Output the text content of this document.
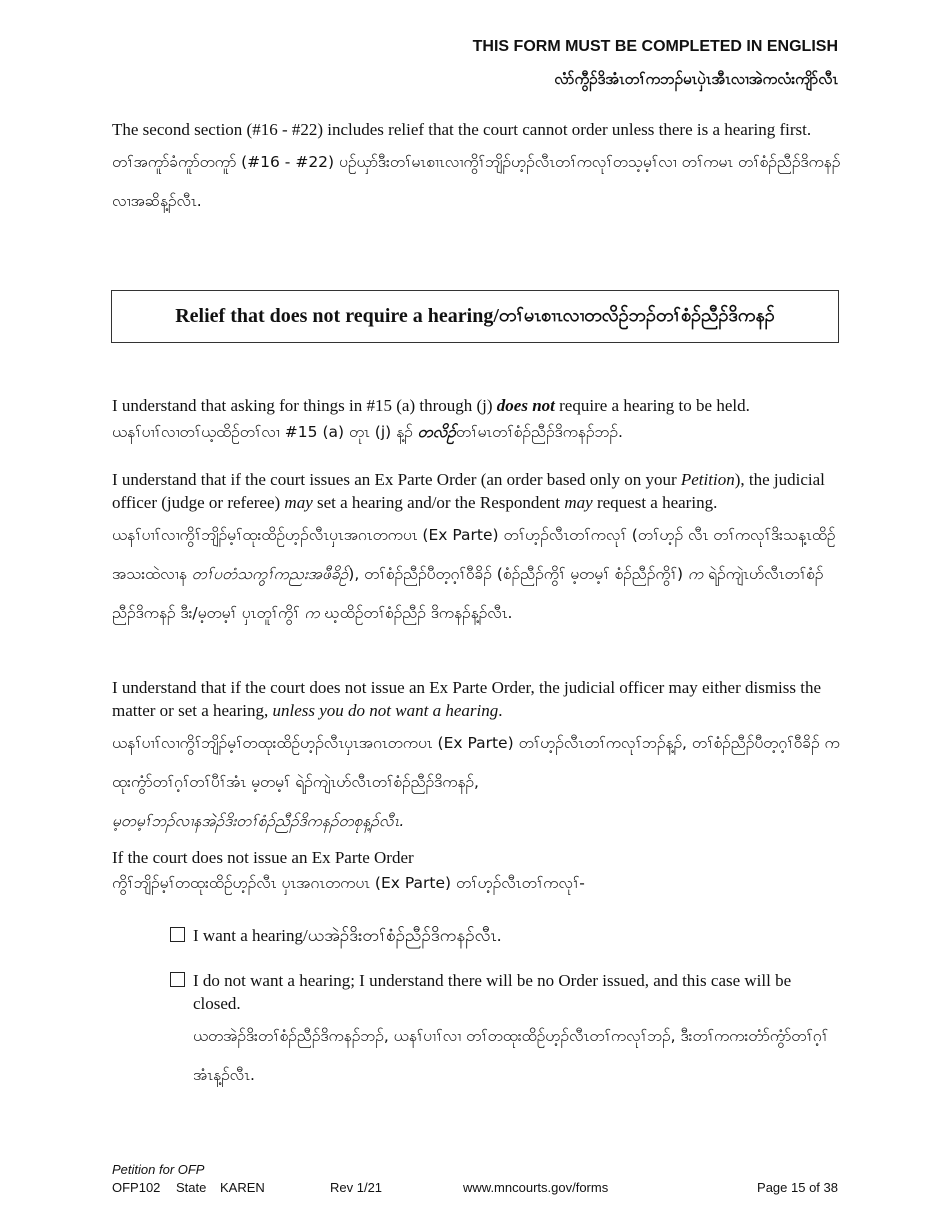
THIS FORM MUST BE COMPLETED IN ENGLISH
လံာ်ကွီၣ်ဒိအံၤတၢ်ကဘၣ်မၤပှဲၤအီၤလၢအဲကလံးကျိာ်လီၤ
The second section (#16 - #22) includes relief that the court cannot order unless there is a hearing first.
တၢ်အကူာ်ခံကူာ်တကူာ် (#16 - #22) ပဉ်ယှာ်ဒီးတၢ်မၤစၢၤလၢကွိၢ်ဘျိၣ်ဟ့ၣ်လီၤတၢ်ကလုၢ်တသ့မ့ၢ်လၢ တၢ်ကမၤ တၢ်စံၣ်ညီၣ်ဒိကနၣ်လၢအဆိန့ၣ်လီၤ.
Relief that does not require a hearing/ တၢ်မၤစၢၤလၢတလိဉ်ဘၣ်တၢ်စံၣ်ညီၣ်ဒိကနၣ်
I understand that asking for things in #15 (a) through (j) does not require a hearing to be held.
ယနၢ်ပၢၢ်လၢတၢ်ယ့ထိဉ်တၢ်လၢ #15 (a) တုၤ (j) န့ၣ် တလိဉ်တၢ်မၤတၢ်စံၣ်ညီၣ်ဒိကနၣ်ဘၣ်.
I understand that if the court issues an Ex Parte Order (an order based only on your Petition), the judicial officer (judge or referee) may set a hearing and/or the Respondent may request a hearing.
ယနၢ်ပၢၢ်လၢကွိၢ်ဘျိၣ်မ့ၢ်ထုးထိဉ်ဟ့ၣ်လီၤပှၤအဂၤတကပၤ (Ex Parte) တၢ်ဟ့ၣ်လီၤတၢ်ကလုၢ် (တၢ်ဟ့ၣ် လီၤ တၢ်ကလုၢ်ဒိးသန့ၤထိဉ်အသးထဲလၢန တၢ်ပတံသကွၢ်ကညးအဖီခိဉ်), တၢ်စံၣ်ညီၣ်ပီတ့ဂ့ၢ်ဝီခိၣ် (စံၣ်ညီၣ်ကွိၢ် မ့တမ့ၢ် စံၣ်ညီၣ်ကွိၢ်) က ရဲၣ်ကျဲၤဟ်လီၤတၢ်စံၣ်ညီၣ်ဒိကနၣ် ဒီး/မ့တမ့ၢ် ပှၤတူၢ်ကွိၢ် က ဃ့ထိဉ်တၢ်စံၣ်ညီၣ် ဒိကနၣ်န့ၣ်လီၤ.
I understand that if the court does not issue an Ex Parte Order, the judicial officer may either dismiss the matter or set a hearing, unless you do not want a hearing.
ယနၢ်ပၢၢ်လၢကွိၢ်ဘျိၣ်မ့ၢ်တထုးထိဉ်ဟ့ၣ်လီၤပှၤအဂၤတကပၤ (Ex Parte) တၢ်ဟ့ၣ်လီၤတၢ်ကလုၢ်ဘၣ်န့ၣ်, တၢ်စံၣ်ညီၣ်ပီတ့ဂ့ၢ်ဝီခိၣ် ကထုးကွံာ်တၢ်ဂ့ၢ်တၢ်ပီၢ်အံၤ မ့တမ့ၢ် ရဲၣ်ကျဲၤဟ်လီၤတၢ်စံၣ်ညီၣ်ဒိကနၣ်,
မ့တမ့ၢ်ဘၣ်လၢနအဲၣ်ဒိးတၢ်စံၣ်ညီၣ်ဒိကနၣ်တစုန့ၣ်လီၤ.
If the court does not issue an Ex Parte Order
ကွိၢ်ဘျိၣ်မ့ၢ်တထုးထိဉ်ဟ့ၣ်လီၤ ပှၤအဂၤတကပၤ (Ex Parte) တၢ်ဟ့ၣ်လီၤတၢ်ကလုၢ်-
I want a hearing/ယအဲၣ်ဒိးတၢ်စံၣ်ညီၣ်ဒိကနၣ်လီၤ.
I do not want a hearing; I understand there will be no Order issued, and this case will be closed.
ယတအဲၣ်ဒိးတၢ်စံၣ်ညီၣ်ဒိကနၣ်ဘၣ်, ယနၢ်ပၢၢ်လၢ တၢ်တထုးထိဉ်ဟ့ၣ်လီၤတၢ်ကလုၢ်ဘၣ်, ဒီးတၢ်ကကးတံာ်ကွံာ်တၢ်ဂ့ၢ်အံၤန့ၣ်လီၤ.
Petition for OFP
OFP102 State KAREN	Rev 1/21	www.mncourts.gov/forms	Page 15 of 38
